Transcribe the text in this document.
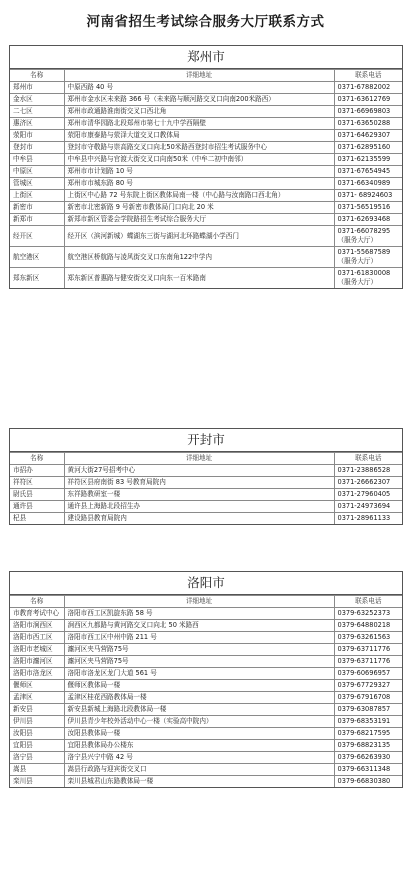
河南省招生考试综合服务大厅联系方式
郑州市
名称	详细地址	联系电话
郑州市	中原西路 40 号	0371-67882002
金水区	郑州市金水区未来路 366 号（未来路与顺河路交叉口向南200米路西）	0371-63612769
二七区	郑州市政通路淮南街交叉口西北角	0371-66969803
惠济区	郑州市清华园路北段郑州市第七十九中学西隔壁	0371-63650288
荥阳市	荥阳市康泰路与荥泽大道交叉口教体局	0371-64629307
登封市	登封市守敬路与崇高路交叉口向北50米路西登封市招生考试服务中心	0371-62895160
中牟县	中牟县中兴路与官渡大街交叉口向南50米（中牟二初中南邻）	0371-62135599
中原区	郑州市市计划路 10 号	0371-67654945
管城区	郑州市市城东路 80 号	0371-66340989
上街区	上街区中心路 72 号东院上街区教体局南一楼（中心路与汝南路口西北角）	0371- 68924603
新密市	新密市北密新路 9 号新密市教体局门口向北 20 米	0371-56519516
新郑市	新郑市新区管委会学院路招生考试综合服务大厅	0371-62693468
经开区	经开区（滨河新城）蝶湖东三街与湖河北环路蝶湖小学西门	0371-66078295（服务大厅）
航空港区	航空港区桥航路与凌风街交叉口东南角122中学内	0371-55687589（服务大厅）
郑东新区	郑东新区普惠路与健安街交叉口向东一百米路南	0371-61830008（服务大厅）
开封市
名称	详细地址	联系电话
市招办	黄河大街27号招考中心	0371-23886528
祥符区	祥符区县府南街 83 号教育局院内	0371-26662307
尉氏县	东祥路教研室一楼	0371-27960405
通许县	通许县上海路北段招生办	0371-24973694
杞县	建设路县教育局院内	0371-28961133
洛阳市
名称	详细地址	联系电话
市教育考试中心	洛阳市西工区凯旋东路 58 号	0379-63252373
洛阳市涧西区	涧西区九都路与黄河路交叉口向北 50 米路西	0379-64880218
洛阳市西工区	洛阳市西工区中州中路 211 号	0379-63261563
洛阳市老城区	瀍河区夹马营路75号	0379-63711776
洛阳市瀍河区	瀍河区夹马营路75号	0379-63711776
洛阳市洛龙区	洛阳市洛龙区龙门大道 561 号	0379-60696957
偃师区	偃师区教体局一楼	0379-67729327
孟津区	孟津区桂花西路教体局一楼	0379-67916708
新安县	新安县新城上海路北段教体局一楼	0379-63087857
伊川县	伊川县青少年校外活动中心一楼（实验高中院内）	0379-68353191
汝阳县	汝阳县教体局一楼	0379-68217595
宜阳县	宜阳县教体局办公楼东	0379-68823135
洛宁县	洛宁县兴宁中路 42 号	0379-66263930
嵩县	嵩县行政路与迎宾街交叉口	0379-66311348
栾川县	栾川县城君山东路教体局一楼	0379-66830380
